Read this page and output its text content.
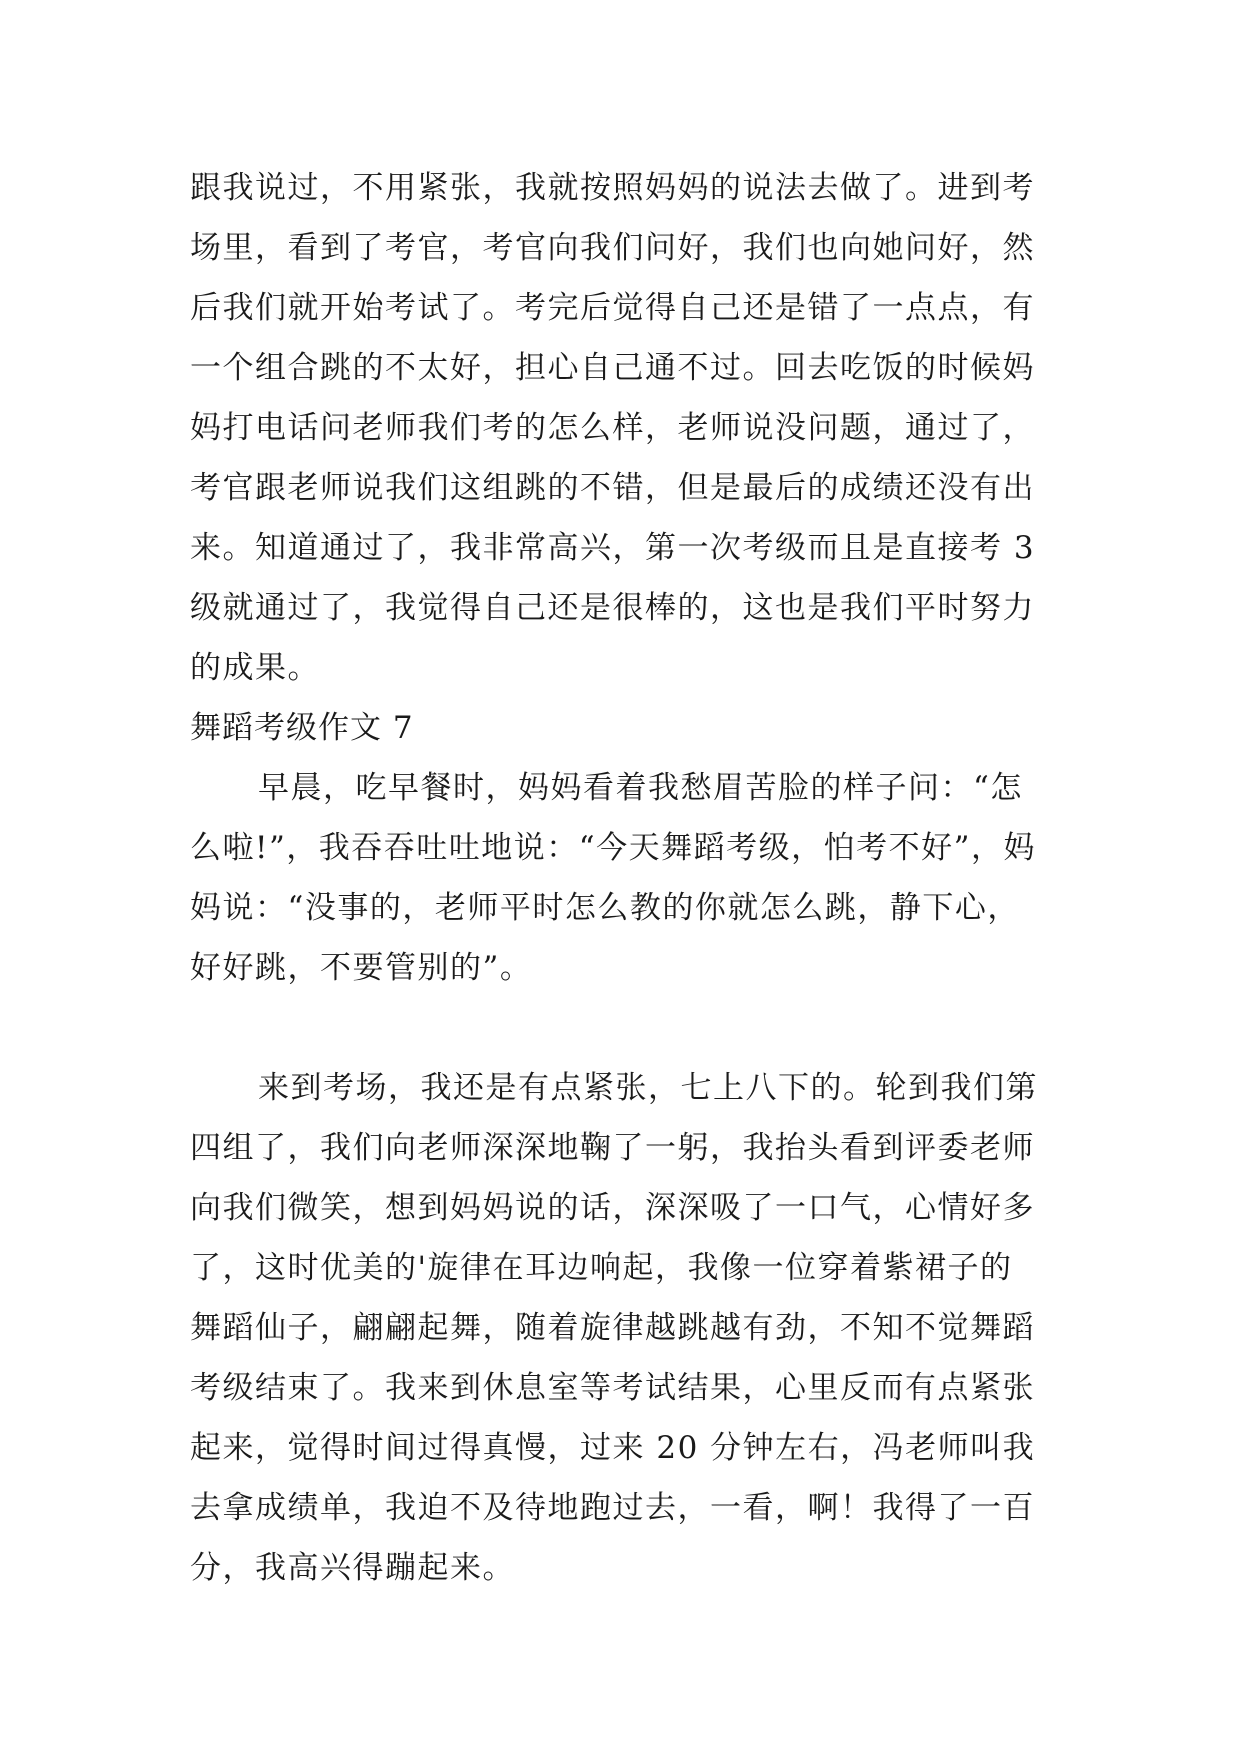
跟我说过，不用紧张，我就按照妈妈的说法去做了。进到考
场里，看到了考官，考官向我们问好，我们也向她问好，然
后我们就开始考试了。考完后觉得自己还是错了一点点，有
一个组合跳的不太好，担心自己通不过。回去吃饭的时候妈
妈打电话问老师我们考的怎么样，老师说没问题，通过了，
考官跟老师说我们这组跳的不错，但是最后的成绩还没有出
来。知道通过了，我非常高兴，第一次考级而且是直接考 3
级就通过了，我觉得自己还是很棒的，这也是我们平时努力
的成果。
舞蹈考级作文 7
早晨，吃早餐时，妈妈看着我愁眉苦脸的样子问：“怎
么啦!”，我吞吞吐吐地说：“今天舞蹈考级，怕考不好”，妈
妈说：“没事的，老师平时怎么教的你就怎么跳，静下心，
好好跳，不要管别的”。
来到考场，我还是有点紧张，七上八下的。轮到我们第
四组了，我们向老师深深地鞠了一躬，我抬头看到评委老师
向我们微笑，想到妈妈说的话，深深吸了一口气，心情好多
了，这时优美的'旋律在耳边响起，我像一位穿着紫裙子的
舞蹈仙子，翩翩起舞，随着旋律越跳越有劲，不知不觉舞蹈
考级结束了。我来到休息室等考试结果，心里反而有点紧张
起来，觉得时间过得真慢，过来 20 分钟左右，冯老师叫我
去拿成绩单，我迫不及待地跑过去，一看，啊！我得了一百
分，我高兴得蹦起来。
